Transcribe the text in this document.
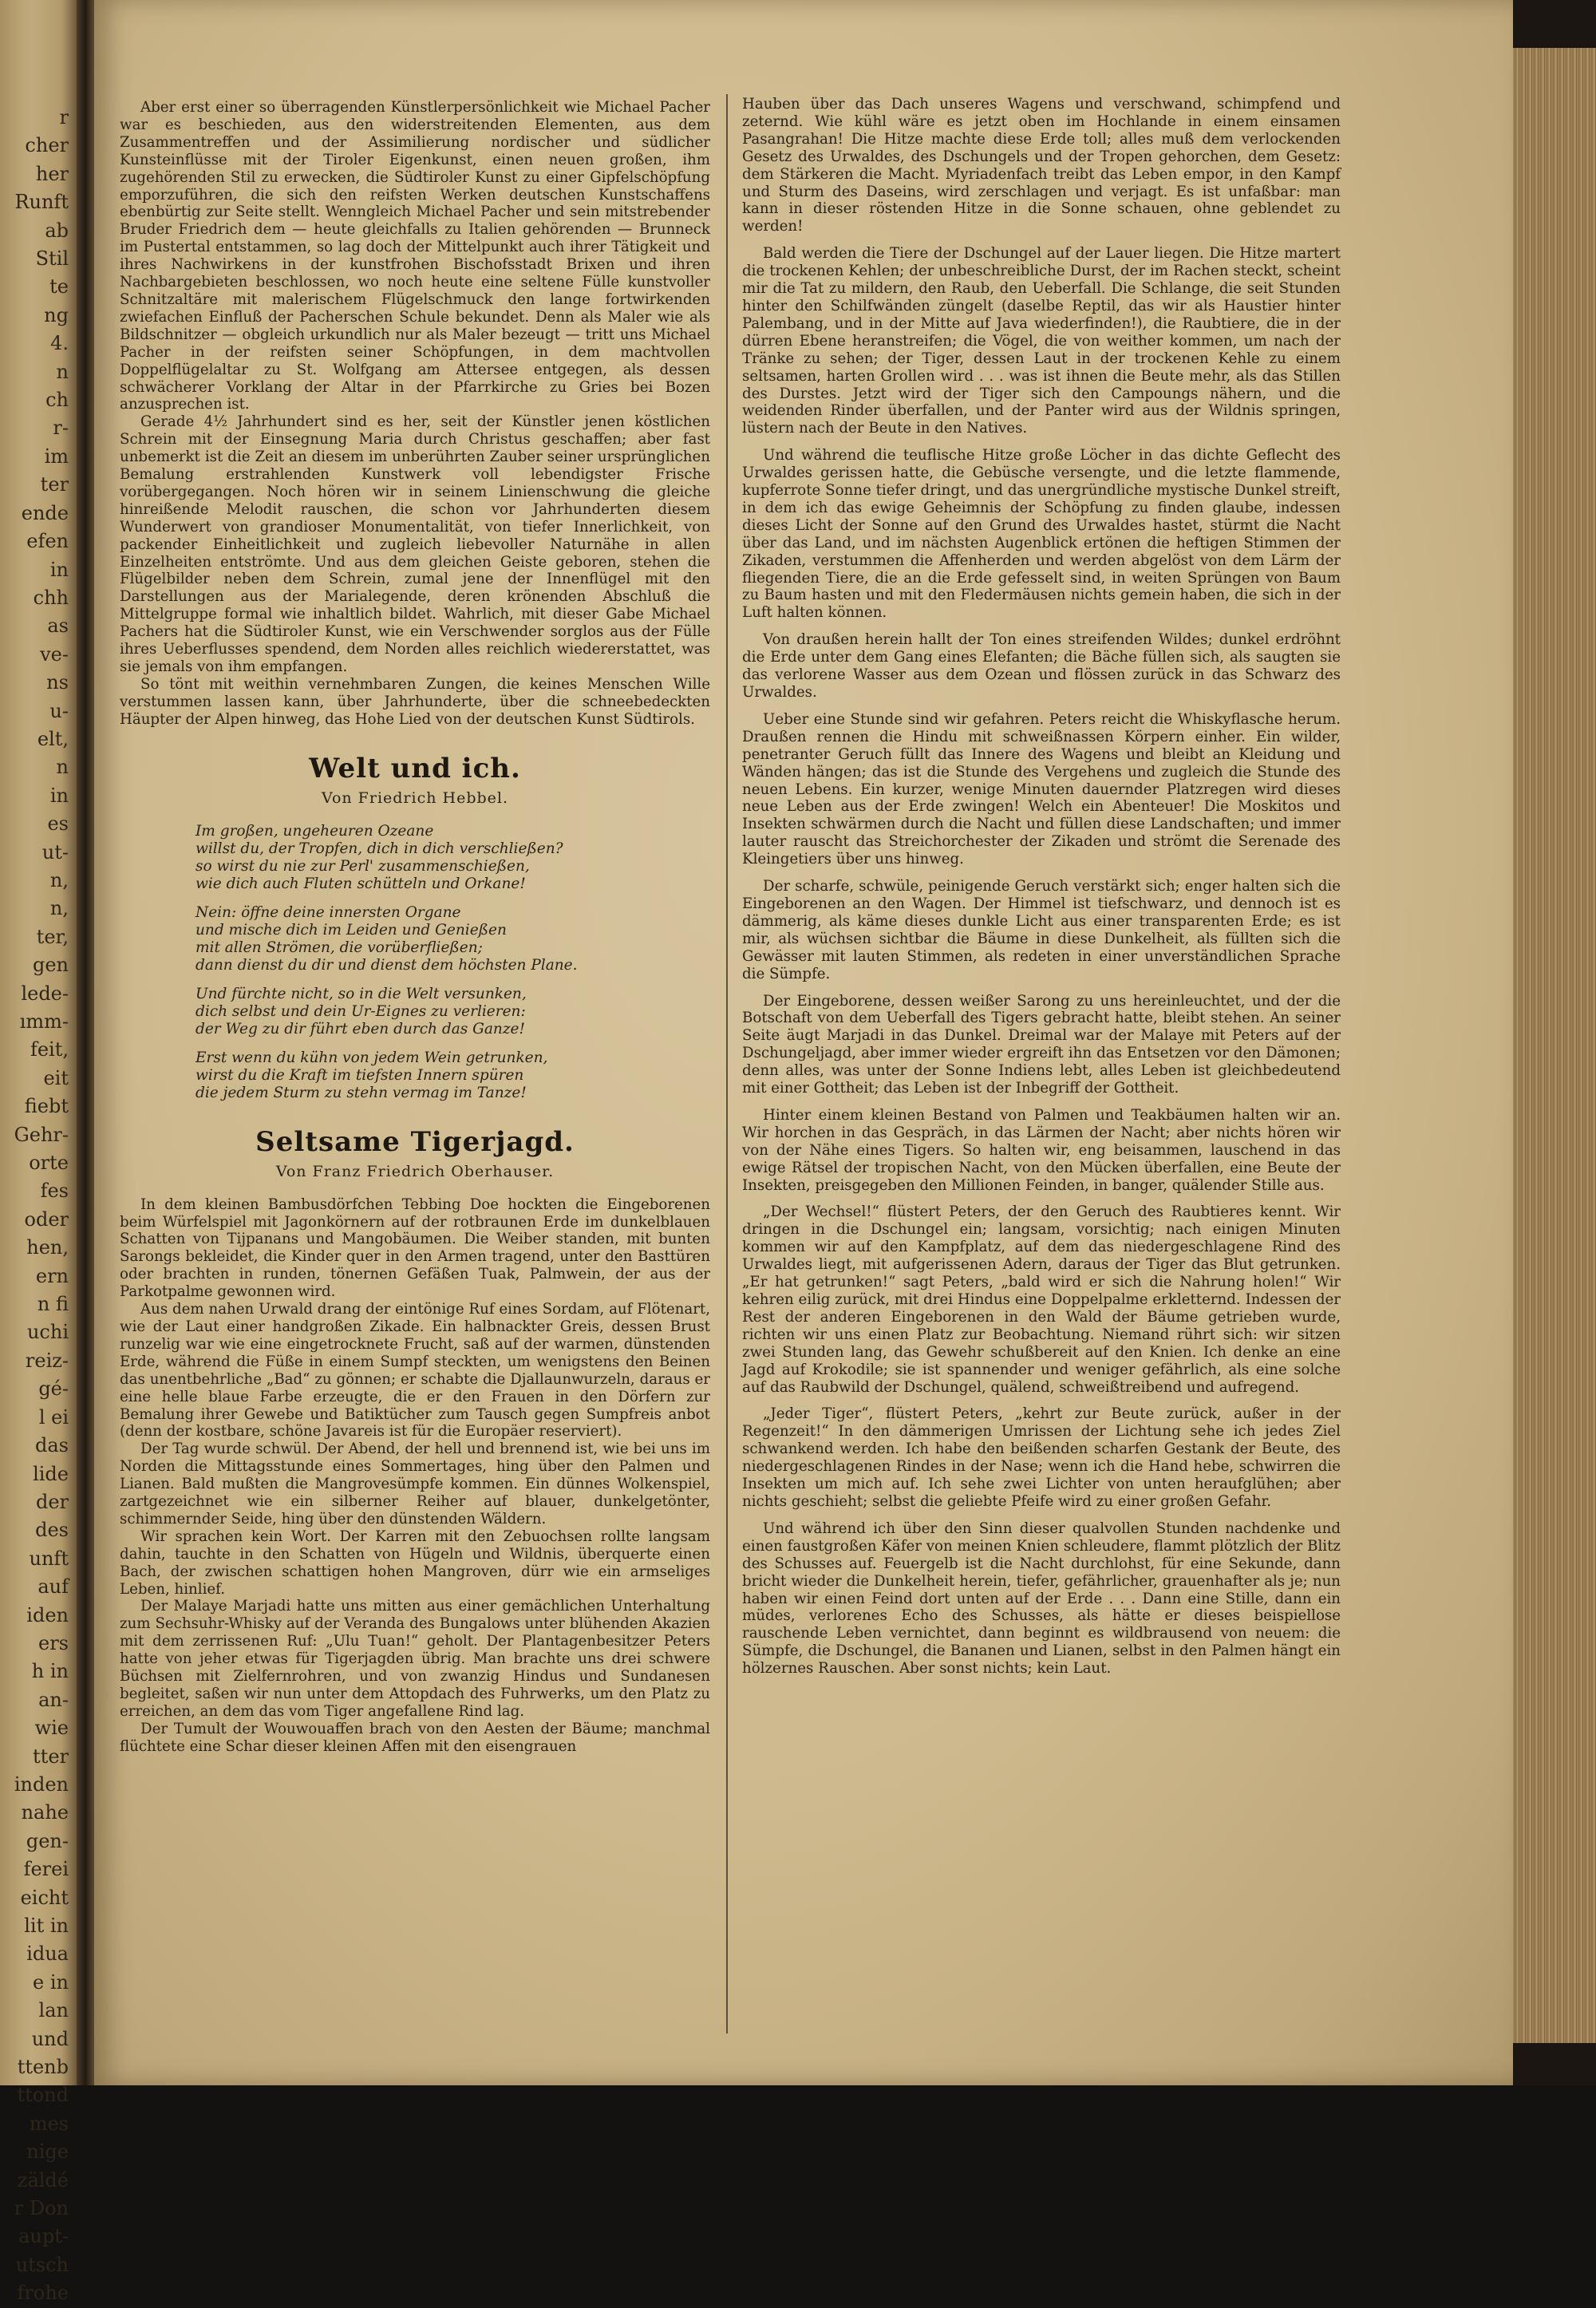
r
cher
her
Runft
ab
Stil
te
ng
4.
n
ch
r-
im
ter
ende
efen
in
chh
as
ve-
ns
u-
elt,
n
in
es
ut-
n,
n,
ter,
gen
lede-
ımm-
feit,
eit
fiebt
Gehr-
orte
fes
oder
hen,
ern
n fi
uchi
reiz-
gé-
l ei
das
lide
der
des
unft
auf
iden
ers
h in
an-
wie
tter
inden
nahe
gen-
ferei
eicht
lit in
idua
e in
lan
und
ttenb
ttond
mes
nige
zäldé
r Don
aupt-
utsch
frohe

Aber erst einer so überragenden Künstlerpersönlichkeit wie Michael Pacher war es beschieden, aus den widerstreitenden Elementen, aus dem Zusammentreffen und der Assimilierung nordischer und südlicher Kunsteinflüsse mit der Tiroler Eigenkunst, einen neuen großen, ihm zugehörenden Stil zu erwecken, die Südtiroler Kunst zu einer Gipfelschöpfung emporzuführen, die sich den reifsten Werken deutschen Kunstschaffens ebenbürtig zur Seite stellt. Wenngleich Michael Pacher und sein mitstrebender Bruder Friedrich dem — heute gleichfalls zu Italien gehörenden — Brunneck im Pustertal entstammen, so lag doch der Mittelpunkt auch ihrer Tätigkeit und ihres Nachwirkens in der kunstfrohen Bischofsstadt Brixen und ihren Nachbargebieten beschlossen, wo noch heute eine seltene Fülle kunstvoller Schnitzaltäre mit malerischem Flügelschmuck den lange fortwirkenden zwiefachen Einfluß der Pacherschen Schule bekundet. Denn als Maler wie als Bildschnitzer — obgleich urkundlich nur als Maler bezeugt — tritt uns Michael Pacher in der reifsten seiner Schöpfungen, in dem machtvollen Doppelflügelaltar zu St. Wolfgang am Attersee entgegen, als dessen schwächerer Vorklang der Altar in der Pfarrkirche zu Gries bei Bozen anzusprechen ist.

Gerade 4½ Jahrhundert sind es her, seit der Künstler jenen köstlichen Schrein mit der Einsegnung Maria durch Christus geschaffen; aber fast unbemerkt ist die Zeit an diesem im unberührten Zauber seiner ursprünglichen Bemalung erstrahlenden Kunstwerk voll lebendigster Frische vorübergegangen. Noch hören wir in seinem Linienschwung die gleiche hinreißende Melodit rauschen, die schon vor Jahrhunderten diesem Wunderwert von grandioser Monumentalität, von tiefer Innerlichkeit, von packender Einheitlichkeit und zugleich liebevoller Naturnähe in allen Einzelheiten entströmte. Und aus dem gleichen Geiste geboren, stehen die Flügelbilder neben dem Schrein, zumal jene der Innenflügel mit den Darstellungen aus der Marialegende, deren krönenden Abschluß die Mittelgruppe formal wie inhaltlich bildet. Wahrlich, mit dieser Gabe Michael Pachers hat die Südtiroler Kunst, wie ein Verschwender sorglos aus der Fülle ihres Ueberflusses spendend, dem Norden alles reichlich wiedererstattet, was sie jemals von ihm empfangen.

So tönt mit weithin vernehmbaren Zungen, die keines Menschen Wille verstummen lassen kann, über Jahrhunderte, über die schneebedeckten Häupter der Alpen hinweg, das Hohe Lied von der deutschen Kunst Südtirols.

Welt und ich.
Von Friedrich Hebbel.
Im großen, ungeheuren Ozeane
willst du, der Tropfen, dich in dich verschließen?
so wirst du nie zur Perl' zusammenschießen,
wie dich auch Fluten schütteln und Orkane!
Nein: öffne deine innersten Organe
und mische dich im Leiden und Genießen
mit allen Strömen, die vorüberfließen;
dann dienst du dir und dienst dem höchsten Plane.
Und fürchte nicht, so in die Welt versunken,
dich selbst und dein Ur-Eignes zu verlieren:
der Weg zu dir führt eben durch das Ganze!
Erst wenn du kühn von jedem Wein getrunken,
wirst du die Kraft im tiefsten Innern spüren
die jedem Sturm zu stehn vermag im Tanze!
Seltsame Tigerjagd.
Von Franz Friedrich Oberhauser.

In dem kleinen Bambusdörfchen Tebbing Doe hockten die Eingeborenen beim Würfelspiel mit Jagonkörnern auf der rotbraunen Erde im dunkelblauen Schatten von Tijpanans und Mangobäumen. Die Weiber standen, mit bunten Sarongs bekleidet, die Kinder quer in den Armen tragend, unter den Basttüren oder brachten in runden, tönernen Gefäßen Tuak, Palmwein, der aus der Parkotpalme gewonnen wird.

Aus dem nahen Urwald drang der eintönige Ruf eines Sordam, auf Flötenart, wie der Laut einer handgroßen Zikade. Ein halbnackter Greis, dessen Brust runzelig war wie eine eingetrocknete Frucht, saß auf der warmen, dünstenden Erde, während die Füße in einem Sumpf steckten, um wenigstens den Beinen das unentbehrliche „Bad“ zu gönnen; er schabte die Djallaunwurzeln, daraus er eine helle blaue Farbe erzeugte, die er den Frauen in den Dörfern zur Bemalung ihrer Gewebe und Batiktücher zum Tausch gegen Sumpfreis anbot (denn der kostbare, schöne Javareis ist für die Europäer reserviert).

Der Tag wurde schwül. Der Abend, der hell und brennend ist, wie bei uns im Norden die Mittagsstunde eines Sommertages, hing über den Palmen und Lianen. Bald mußten die Mangrovesümpfe kommen. Ein dünnes Wolkenspiel, zartgezeichnet wie ein silberner Reiher auf blauer, dunkelgetönter, schimmernder Seide, hing über den dünstenden Wäldern.

Wir sprachen kein Wort. Der Karren mit den Zebuochsen rollte langsam dahin, tauchte in den Schatten von Hügeln und Wildnis, überquerte einen Bach, der zwischen schattigen hohen Mangroven, dürr wie ein armseliges Leben, hinlief.

Der Malaye Marjadi hatte uns mitten aus einer gemächlichen Unterhaltung zum Sechsuhr-Whisky auf der Veranda des Bungalows unter blühenden Akazien mit dem zerrissenen Ruf: „Ulu Tuan!“ geholt. Der Plantagenbesitzer Peters hatte von jeher etwas für Tigerjagden übrig. Man brachte uns drei schwere Büchsen mit Zielfernrohren, und von zwanzig Hindus und Sundanesen begleitet, saßen wir nun unter dem Attopdach des Fuhrwerks, um den Platz zu erreichen, an dem das vom Tiger angefallene Rind lag.

Der Tumult der Wouwouaffen brach von den Aesten der Bäume; manchmal flüchtete eine Schar dieser kleinen Affen mit den eisengrauen

Hauben über das Dach unseres Wagens und verschwand, schimpfend und zeternd. Wie kühl wäre es jetzt oben im Hochlande in einem einsamen Pasangrahan! Die Hitze machte diese Erde toll; alles muß dem verlockenden Gesetz des Urwaldes, des Dschungels und der Tropen gehorchen, dem Gesetz: dem Stärkeren die Macht. Myriadenfach treibt das Leben empor, in den Kampf und Sturm des Daseins, wird zerschlagen und verjagt. Es ist unfaßbar: man kann in dieser röstenden Hitze in die Sonne schauen, ohne geblendet zu werden!

Bald werden die Tiere der Dschungel auf der Lauer liegen. Die Hitze martert die trockenen Kehlen; der unbeschreibliche Durst, der im Rachen steckt, scheint mir die Tat zu mildern, den Raub, den Ueberfall. Die Schlange, die seit Stunden hinter den Schilfwänden züngelt (daselbe Reptil, das wir als Haustier hinter Palembang, und in der Mitte auf Java wiederfinden!), die Raubtiere, die in der dürren Ebene heranstreifen; die Vögel, die von weither kommen, um nach der Tränke zu sehen; der Tiger, dessen Laut in der trockenen Kehle zu einem seltsamen, harten Grollen wird . . . was ist ihnen die Beute mehr, als das Stillen des Durstes. Jetzt wird der Tiger sich den Campoungs nähern, und die weidenden Rinder überfallen, und der Panter wird aus der Wildnis springen, lüstern nach der Beute in den Natives.

Und während die teuflische Hitze große Löcher in das dichte Geflecht des Urwaldes gerissen hatte, die Gebüsche versengte, und die letzte flammende, kupferrote Sonne tiefer dringt, und das unergründliche mystische Dunkel streift, in dem ich das ewige Geheimnis der Schöpfung zu finden glaube, indessen dieses Licht der Sonne auf den Grund des Urwaldes hastet, stürmt die Nacht über das Land, und im nächsten Augenblick ertönen die heftigen Stimmen der Zikaden, verstummen die Affenherden und werden abgelöst von dem Lärm der fliegenden Tiere, die an die Erde gefesselt sind, in weiten Sprüngen von Baum zu Baum hasten und mit den Fledermäusen nichts gemein haben, die sich in der Luft halten können.

Von draußen herein hallt der Ton eines streifenden Wildes; dunkel erdröhnt die Erde unter dem Gang eines Elefanten; die Bäche füllen sich, als saugten sie das verlorene Wasser aus dem Ozean und flössen zurück in das Schwarz des Urwaldes.

Ueber eine Stunde sind wir gefahren. Peters reicht die Whiskyflasche herum. Draußen rennen die Hindu mit schweißnassen Körpern einher. Ein wilder, penetranter Geruch füllt das Innere des Wagens und bleibt an Kleidung und Wänden hängen; das ist die Stunde des Vergehens und zugleich die Stunde des neuen Lebens. Ein kurzer, wenige Minuten dauernder Platzregen wird dieses neue Leben aus der Erde zwingen! Welch ein Abenteuer! Die Moskitos und Insekten schwärmen durch die Nacht und füllen diese Landschaften; und immer lauter rauscht das Streichorchester der Zikaden und strömt die Serenade des Kleingetiers über uns hinweg.

Der scharfe, schwüle, peinigende Geruch verstärkt sich; enger halten sich die Eingeborenen an den Wagen. Der Himmel ist tiefschwarz, und dennoch ist es dämmerig, als käme dieses dunkle Licht aus einer transparenten Erde; es ist mir, als wüchsen sichtbar die Bäume in diese Dunkelheit, als füllten sich die Gewässer mit lauten Stimmen, als redeten in einer unverständlichen Sprache die Sümpfe.

Der Eingeborene, dessen weißer Sarong zu uns hereinleuchtet, und der die Botschaft von dem Ueberfall des Tigers gebracht hatte, bleibt stehen. An seiner Seite äugt Marjadi in das Dunkel. Dreimal war der Malaye mit Peters auf der Dschungeljagd, aber immer wieder ergreift ihn das Entsetzen vor den Dämonen; denn alles, was unter der Sonne Indiens lebt, alles Leben ist gleichbedeutend mit einer Gottheit; das Leben ist der Inbegriff der Gottheit.

Hinter einem kleinen Bestand von Palmen und Teakbäumen halten wir an. Wir horchen in das Gespräch, in das Lärmen der Nacht; aber nichts hören wir von der Nähe eines Tigers. So halten wir, eng beisammen, lauschend in das ewige Rätsel der tropischen Nacht, von den Mücken überfallen, eine Beute der Insekten, preisgegeben den Millionen Feinden, in banger, quälender Stille aus.

„Der Wechsel!“ flüstert Peters, der den Geruch des Raubtieres kennt. Wir dringen in die Dschungel ein; langsam, vorsichtig; nach einigen Minuten kommen wir auf den Kampfplatz, auf dem das niedergeschlagene Rind des Urwaldes liegt, mit aufgerissenen Adern, daraus der Tiger das Blut getrunken. „Er hat getrunken!“ sagt Peters, „bald wird er sich die Nahrung holen!“ Wir kehren eilig zurück, mit drei Hindus eine Doppelpalme erkletternd. Indessen der Rest der anderen Eingeborenen in den Wald der Bäume getrieben wurde, richten wir uns einen Platz zur Beobachtung. Niemand rührt sich: wir sitzen zwei Stunden lang, das Gewehr schußbereit auf den Knien. Ich denke an eine Jagd auf Krokodile; sie ist spannender und weniger gefährlich, als eine solche auf das Raubwild der Dschungel, quälend, schweißtreibend und aufregend.

„Jeder Tiger“, flüstert Peters, „kehrt zur Beute zurück, außer in der Regenzeit!“ In den dämmerigen Umrissen der Lichtung sehe ich jedes Ziel schwankend werden. Ich habe den beißenden scharfen Gestank der Beute, des niedergeschlagenen Rindes in der Nase; wenn ich die Hand hebe, schwirren die Insekten um mich auf. Ich sehe zwei Lichter von unten heraufglühen; aber nichts geschieht; selbst die geliebte Pfeife wird zu einer großen Gefahr.

Und während ich über den Sinn dieser qualvollen Stunden nachdenke und einen faustgroßen Käfer von meinen Knien schleudere, flammt plötzlich der Blitz des Schusses auf. Feuergelb ist die Nacht durchlohst, für eine Sekunde, dann bricht wieder die Dunkelheit herein, tiefer, gefährlicher, grauenhafter als je; nun haben wir einen Feind dort unten auf der Erde . . . Dann eine Stille, dann ein müdes, verlorenes Echo des Schusses, als hätte er dieses beispiellose rauschende Leben vernichtet, dann beginnt es wildbrausend von neuem: die Sümpfe, die Dschungel, die Bananen und Lianen, selbst in den Palmen hängt ein hölzernes Rauschen. Aber sonst nichts; kein Laut.
